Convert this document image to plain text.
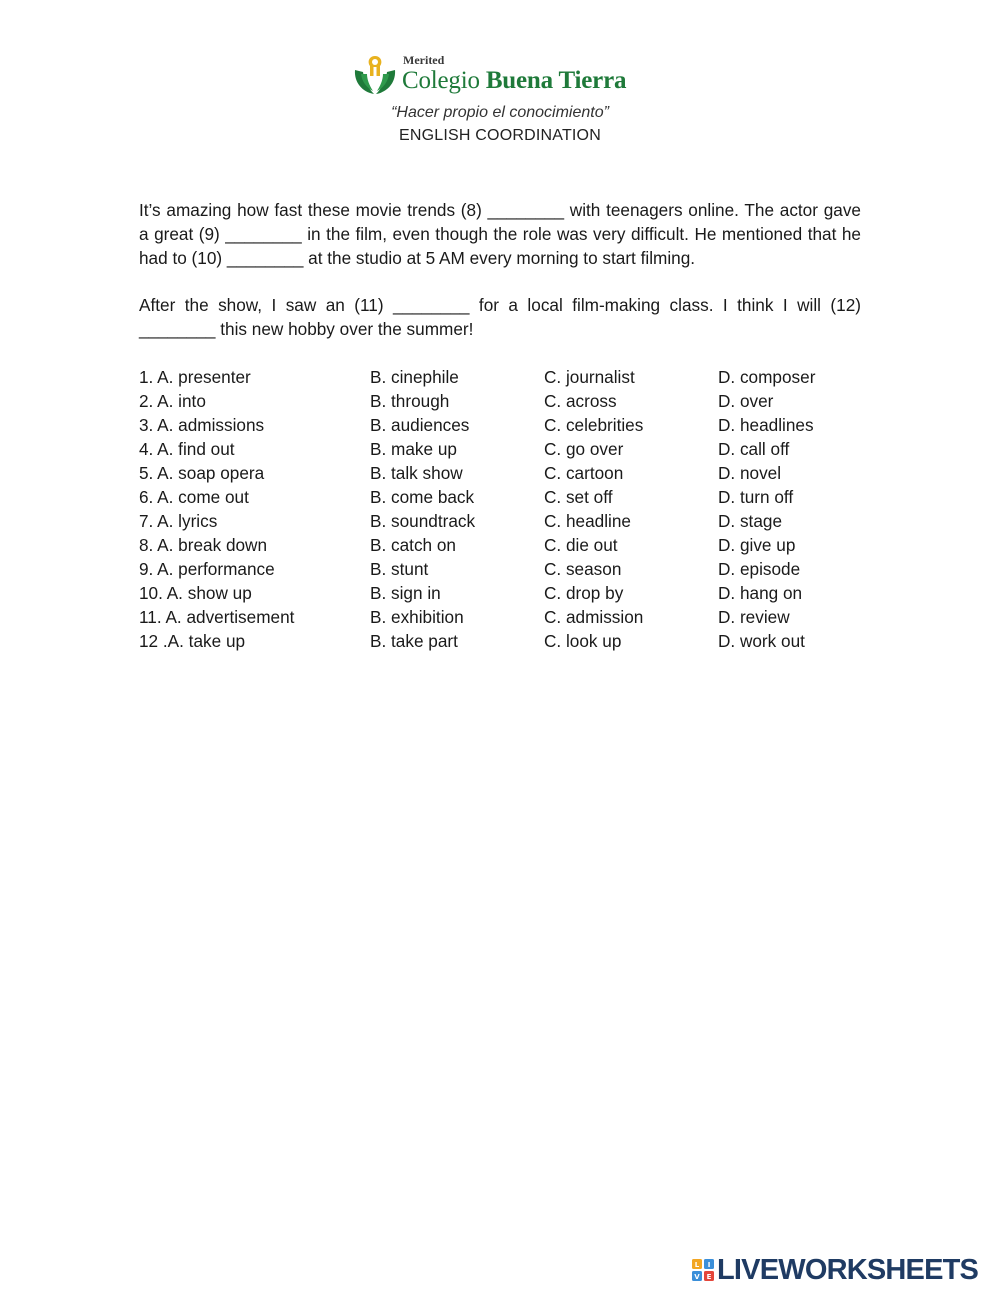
Merited
Colegio Buena Tierra
“Hacer propio el conocimiento”
ENGLISH COORDINATION
It’s amazing how fast these movie trends (8) ________ with teenagers online. The actor gave a great (9) ________ in the film, even though the role was very difficult. He mentioned that he had to (10) ________ at the studio at 5 AM every morning to start filming.
After the show, I saw an (11) ________ for a local film-making class. I think I will (12) ________ this new hobby over the summer!
1. A. presenter	B. cinephile	C. journalist	D. composer
2. A. into	B. through	C. across	D. over
3. A. admissions	B. audiences	C. celebrities	D. headlines
4. A. find out	B. make up	C. go over	D. call off
5. A. soap opera	B. talk show	C. cartoon	D. novel
6. A. come out	B. come back	C. set off	D. turn off
7. A. lyrics	B. soundtrack	C. headline	D. stage
8. A. break down	B. catch on	C. die out	D. give up
9. A. performance	B. stunt	C. season	D. episode
10. A. show up	B. sign in	C. drop by	D. hang on
11. A. advertisement	B. exhibition	C. admission	D. review
12 .A. take up	B. take part	C. look up	D. work out
L I
V E LIVEWORKSHEETS
